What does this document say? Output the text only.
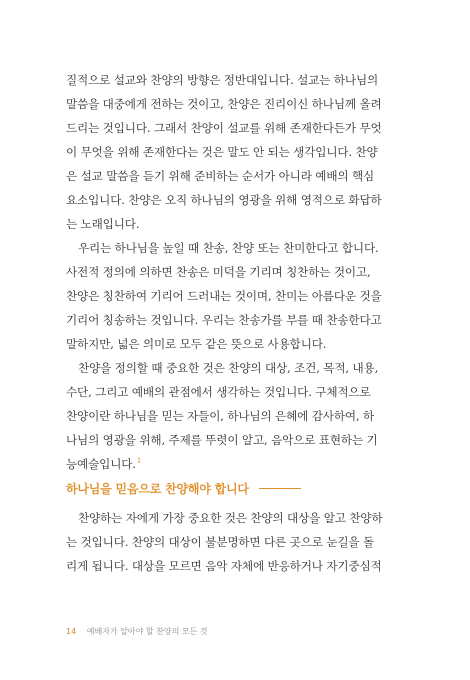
질적으로 설교와 찬양의 방향은 정반대입니다. 설교는 하나님의
말씀을 대중에게 전하는 것이고, 찬양은 진리이신 하나님께 올려
드리는 것입니다. 그래서 찬양이 설교를 위해 존재한다든가 무엇
이 무엇을 위해 존재한다는 것은 말도 안 되는 생각입니다. 찬양
은 설교 말씀을 듣기 위해 준비하는 순서가 아니라 예배의 핵심
요소입니다. 찬양은 오직 하나님의 영광을 위해 영적으로 화답하
는 노래입니다.

우리는 하나님을 높일 때 찬송, 찬양 또는 찬미한다고 합니다.
사전적 정의에 의하면 찬송은 미덕을 기리며 칭찬하는 것이고,
찬양은 칭찬하여 기리어 드러내는 것이며, 찬미는 아름다운 것을
기리어 칭송하는 것입니다. 우리는 찬송가를 부를 때 찬송한다고
말하지만, 넓은 의미로 모두 같은 뜻으로 사용합니다.

찬양을 정의할 때 중요한 것은 찬양의 대상, 조건, 목적, 내용,
수단, 그리고 예배의 관점에서 생각하는 것입니다. 구체적으로
찬양이란 하나님을 믿는 자들이, 하나님의 은혜에 감사하여, 하
나님의 영광을 위해, 주제를 뚜렷이 알고, 음악으로 표현하는 기
능예술입니다.$^1$

하나님을 믿음으로 찬양해야 합니다

찬양하는 자에게 가장 중요한 것은 찬양의 대상을 알고 찬양하
는 것입니다. 찬양의 대상이 불분명하면 다른 곳으로 눈길을 돌
리게 됩니다. 대상을 모르면 음악 자체에 반응하거나 자기중심적

14 예배자가 알아야 할 찬양의 모든 것
